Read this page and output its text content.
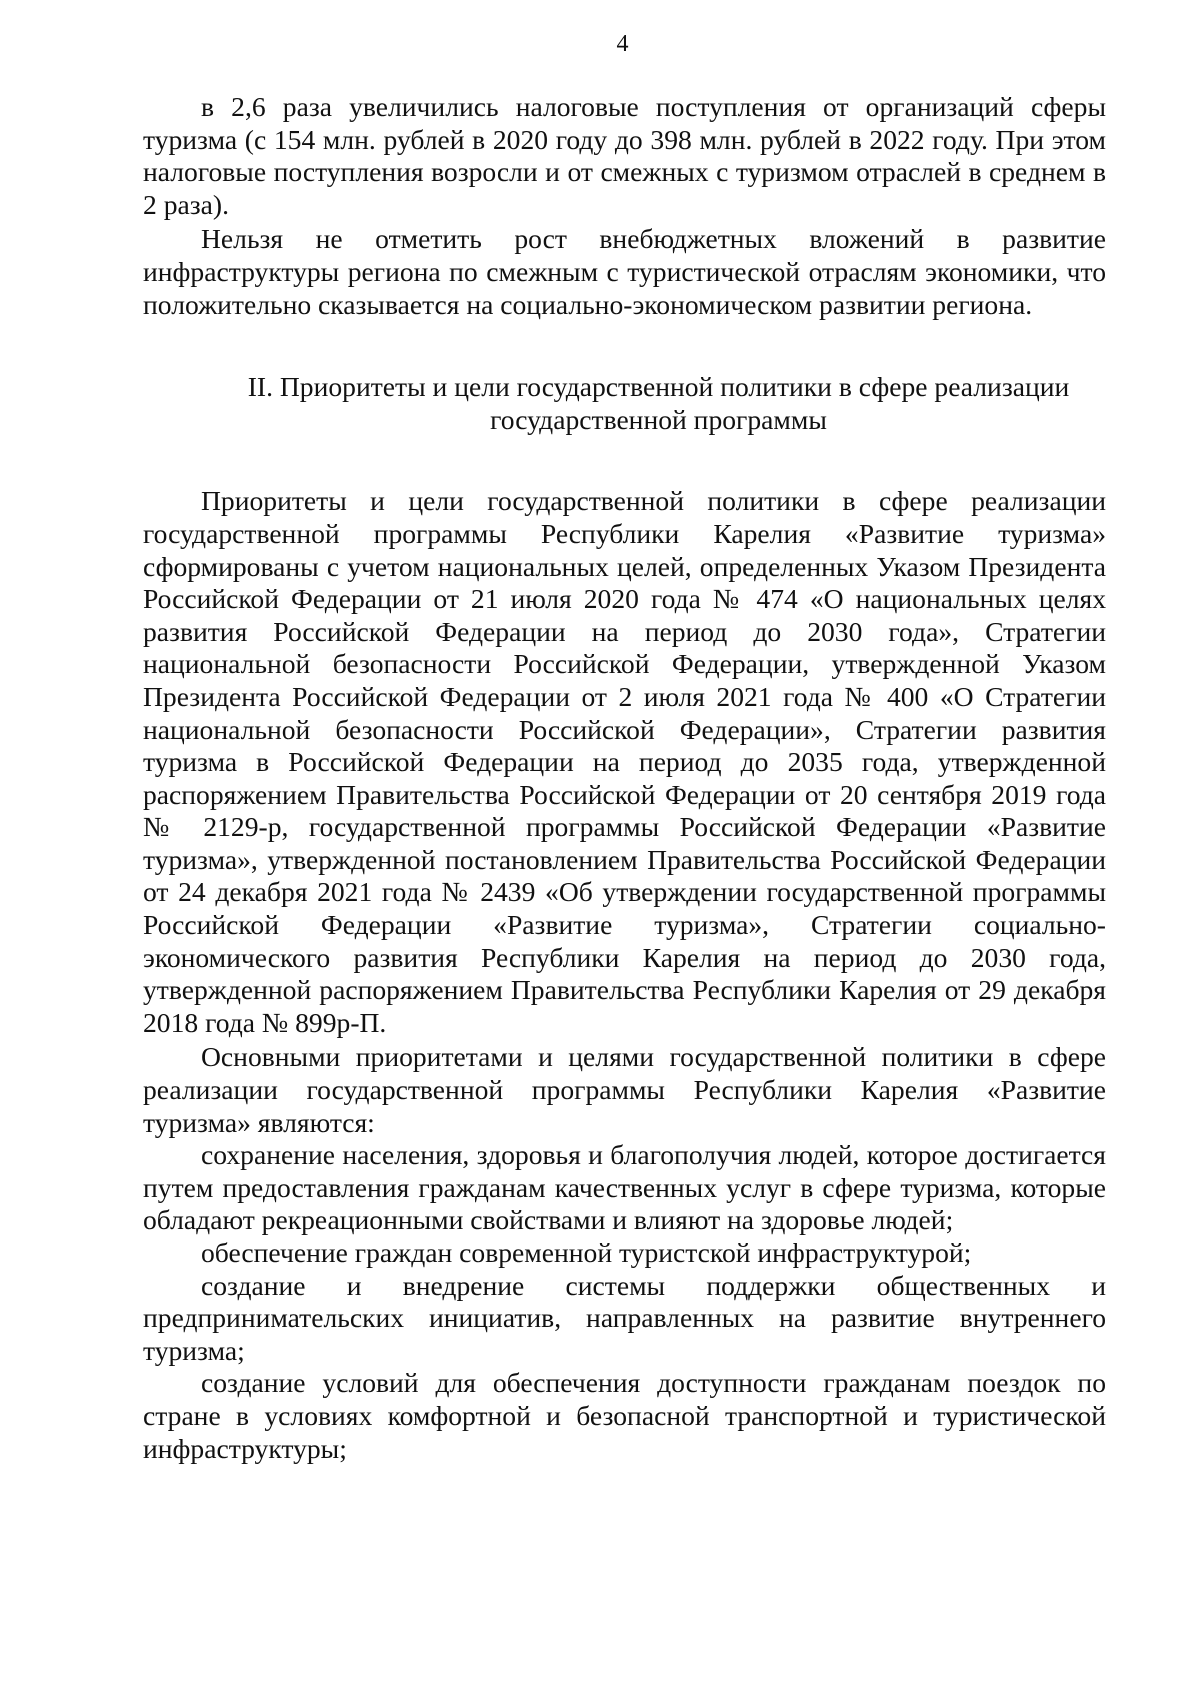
4

в 2,6 раза увеличились налоговые поступления от организаций сферы туризма (с 154 млн. рублей в 2020 году до 398 млн. рублей в 2022 году. При этом налоговые поступления возросли и от смежных с туризмом отраслей в среднем в 2 раза).

Нельзя не отметить рост внебюджетных вложений в развитие инфраструктуры региона по смежным с туристической отраслям экономики, что положительно сказывается на социально-экономическом развитии региона.

II. Приоритеты и цели государственной политики в сфере реализации
государственной программы

Приоритеты и цели государственной политики в сфере реализации государственной программы Республики Карелия «Развитие туризма» сформированы с учетом национальных целей, определенных Указом Президента Российской Федерации от 21 июля 2020 года № 474 «О национальных целях развития Российской Федерации на период до 2030 года», Стратегии национальной безопасности Российской Федерации, утвержденной Указом Президента Российской Федерации от 2 июля 2021 года № 400 «О Стратегии национальной безопасности Российской Федерации», Стратегии развития туризма в Российской Федерации на период до 2035 года, утвержденной распоряжением Правительства Российской Федерации от 20 сентября 2019 года № 2129-р, государственной программы Российской Федерации «Развитие туризма», утвержденной постановлением Правительства Российской Федерации от 24 декабря 2021 года № 2439 «Об утверждении государственной программы Российской Федерации «Развитие туризма», Стратегии социально-экономического развития Республики Карелия на период до 2030 года, утвержденной распоряжением Правительства Республики Карелия от 29 декабря 2018 года № 899р-П.

Основными приоритетами и целями государственной политики в сфере реализации государственной программы Республики Карелия «Развитие туризма» являются:

сохранение населения, здоровья и благополучия людей, которое достигается путем предоставления гражданам качественных услуг в сфере туризма, которые обладают рекреационными свойствами и влияют на здоровье людей;

обеспечение граждан современной туристской инфраструктурой;

создание и внедрение системы поддержки общественных и предпринимательских инициатив, направленных на развитие внутреннего туризма;

создание условий для обеспечения доступности гражданам поездок по стране в условиях комфортной и безопасной транспортной и туристической инфраструктуры;
